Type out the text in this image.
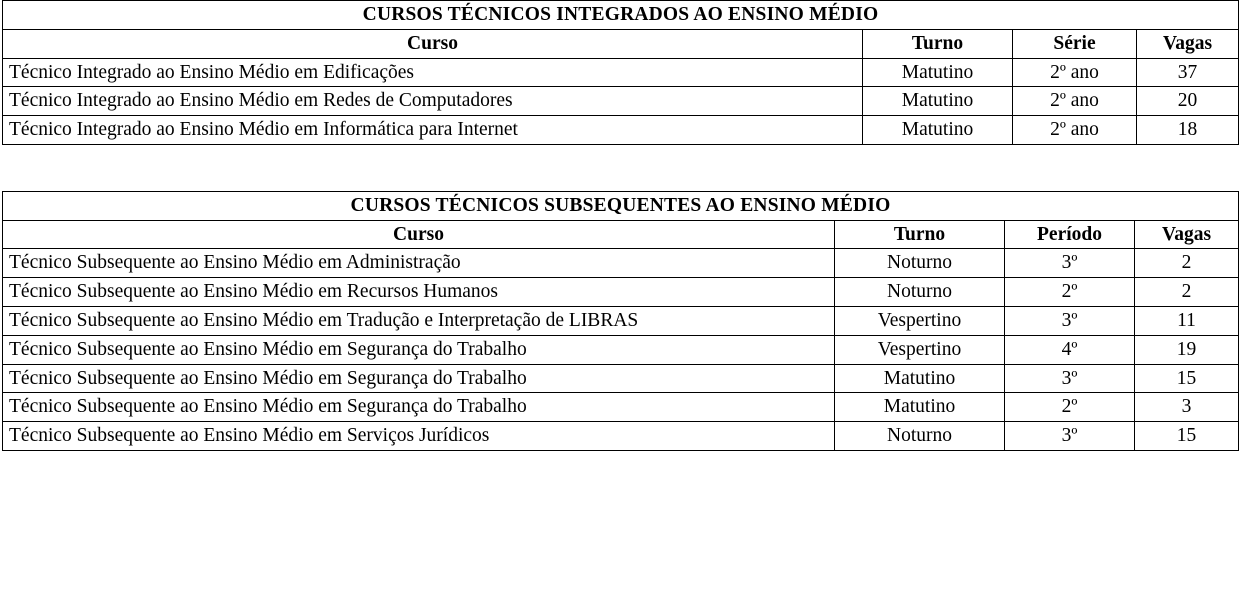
CURSOS TÉCNICOS INTEGRADOS AO ENSINO MÉDIO			
Curso	Turno	Série	Vagas
Técnico Integrado ao Ensino Médio em Edificações	Matutino	2º ano	37
Técnico Integrado ao Ensino Médio em Redes de Computadores	Matutino	2º ano	20
Técnico Integrado ao Ensino Médio em Informática para Internet	Matutino	2º ano	18
CURSOS TÉCNICOS SUBSEQUENTES AO ENSINO MÉDIO			
Curso	Turno	Período	Vagas
Técnico Subsequente ao Ensino Médio em Administração	Noturno	3º	2
Técnico Subsequente ao Ensino Médio em Recursos Humanos	Noturno	2º	2
Técnico Subsequente ao Ensino Médio em Tradução e Interpretação de LIBRAS	Vespertino	3º	11
Técnico Subsequente ao Ensino Médio em Segurança do Trabalho	Vespertino	4º	19
Técnico Subsequente ao Ensino Médio em Segurança do Trabalho	Matutino	3º	15
Técnico Subsequente ao Ensino Médio em Segurança do Trabalho	Matutino	2º	3
Técnico Subsequente ao Ensino Médio em Serviços Jurídicos	Noturno	3º	15
